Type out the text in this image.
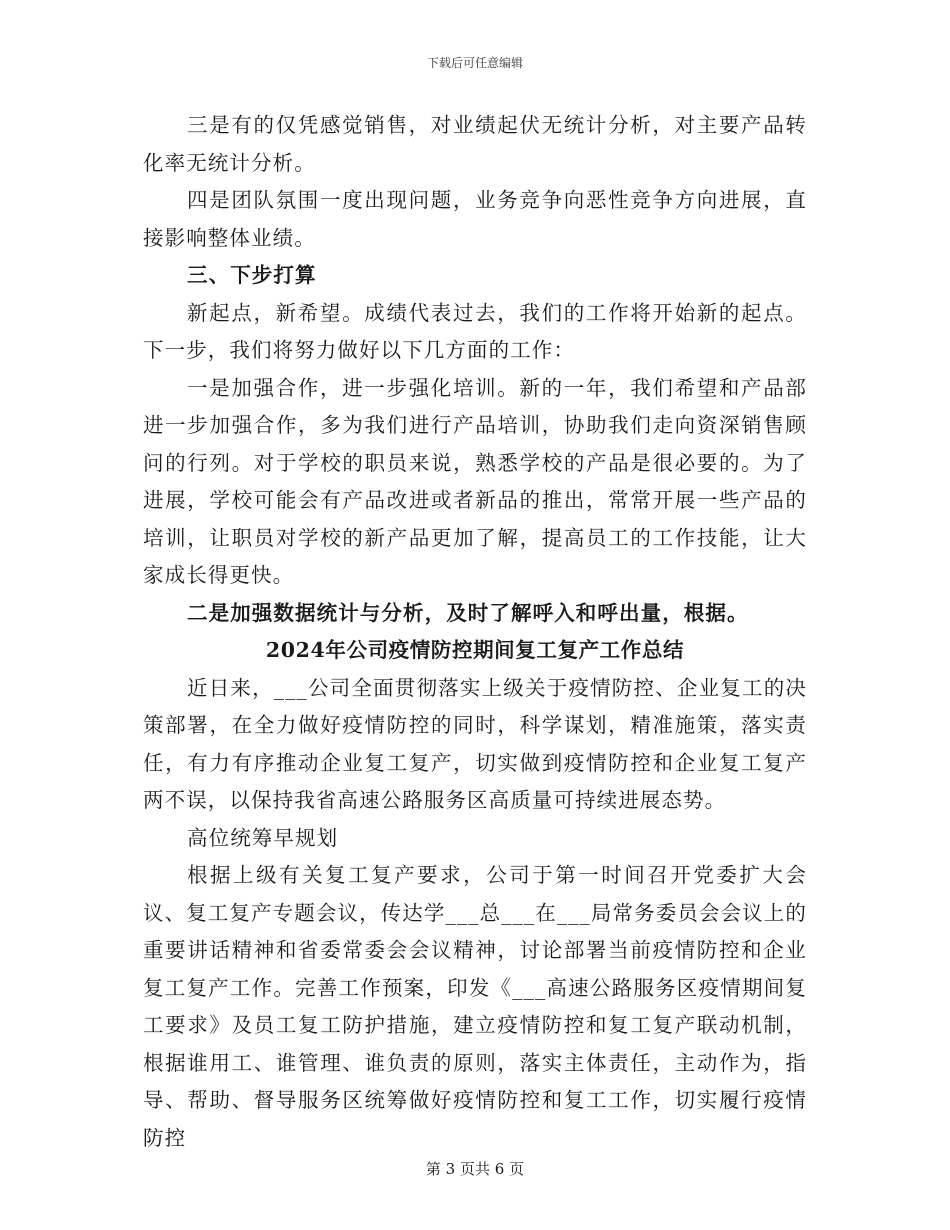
下载后可任意编辑

三是有的仅凭感觉销售，对业绩起伏无统计分析，对主要产品转化率无统计分析。

四是团队氛围一度出现问题，业务竞争向恶性竞争方向进展，直接影响整体业绩。

三、下步打算

新起点，新希望。成绩代表过去，我们的工作将开始新的起点。下一步，我们将努力做好以下几方面的工作：

一是加强合作，进一步强化培训。新的一年，我们希望和产品部进一步加强合作，多为我们进行产品培训，协助我们走向资深销售顾问的行列。对于学校的职员来说，熟悉学校的产品是很必要的。为了进展，学校可能会有产品改进或者新品的推出，常常开展一些产品的培训，让职员对学校的新产品更加了解，提高员工的工作技能，让大家成长得更快。

二是加强数据统计与分析，及时了解呼入和呼出量，根据。

2024年公司疫情防控期间复工复产工作总结

近日来，___公司全面贯彻落实上级关于疫情防控、企业复工的决策部署，在全力做好疫情防控的同时，科学谋划，精准施策，落实责任，有力有序推动企业复工复产，切实做到疫情防控和企业复工复产两不误，以保持我省高速公路服务区高质量可持续进展态势。

高位统筹早规划

根据上级有关复工复产要求，公司于第一时间召开党委扩大会议、复工复产专题会议，传达学___总___在___局常务委员会会议上的重要讲话精神和省委常委会会议精神，讨论部署当前疫情防控和企业复工复产工作。完善工作预案，印发《___高速公路服务区疫情期间复工要求》及员工复工防护措施，建立疫情防控和复工复产联动机制，根据谁用工、谁管理、谁负责的原则，落实主体责任，主动作为，指导、帮助、督导服务区统筹做好疫情防控和复工工作，切实履行疫情防控

第 3 页共 6 页
